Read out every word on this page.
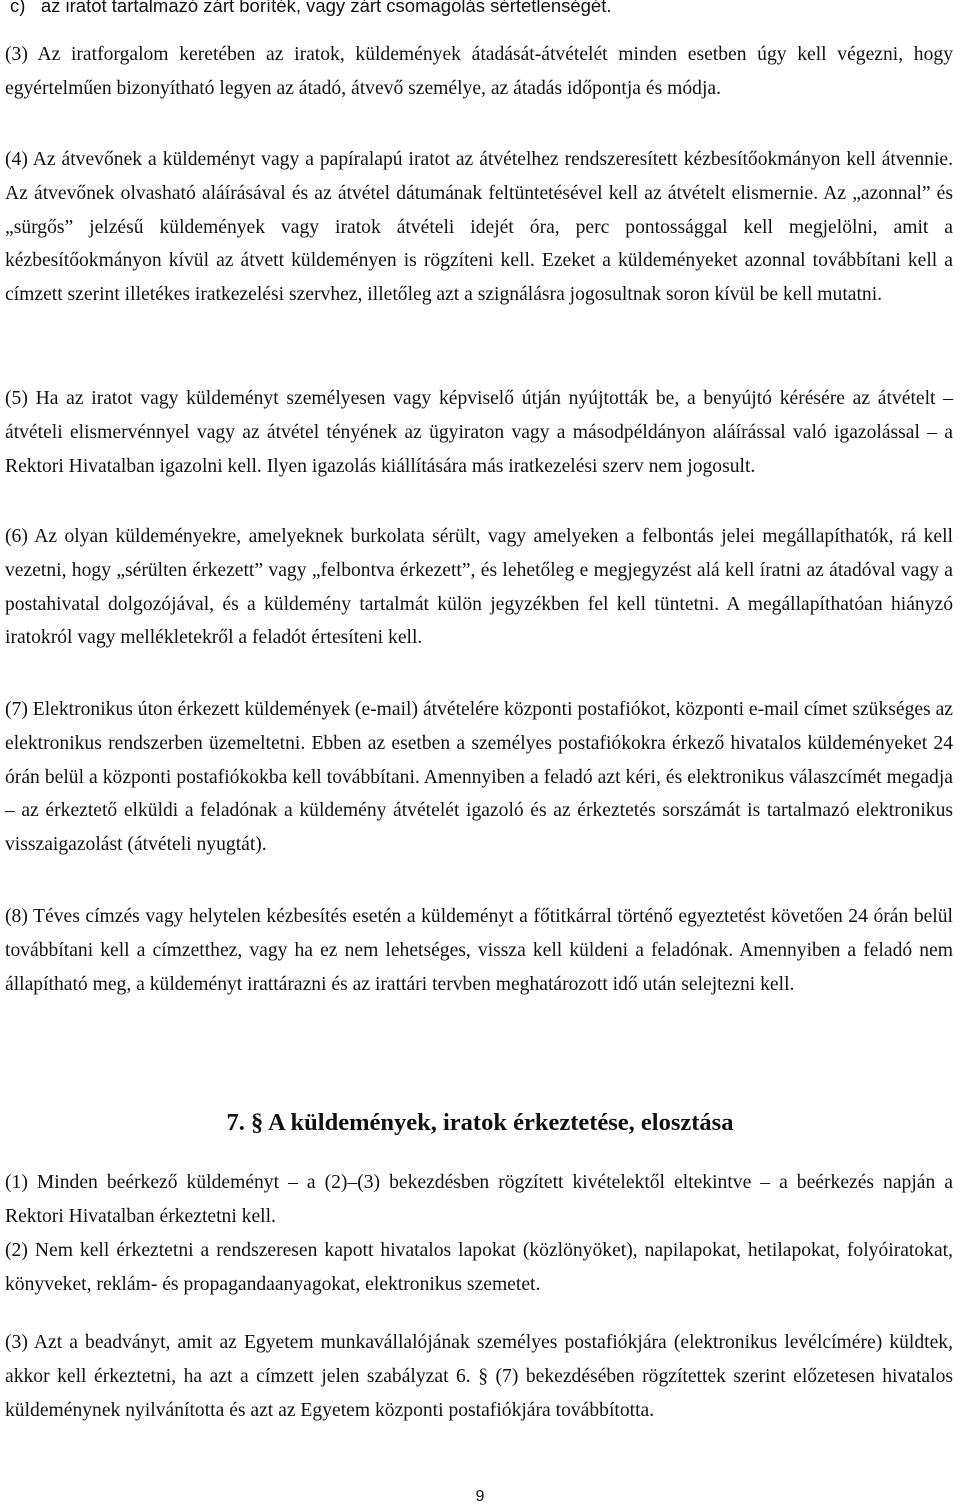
c)   az iratot tartalmazó zárt boríték, vagy zárt csomagolás sértetlenségét.

(3) Az iratforgalom keretében az iratok, küldemények átadását-átvételét minden esetben úgy kell végezni, hogy egyértelműen bizonyítható legyen az átadó, átvevő személye, az átadás időpontja és módja.

(4) Az átvevőnek a küldeményt vagy a papíralapú iratot az átvételhez rendszeresített kézbesítőokmányon kell átvennie. Az átvevőnek olvasható aláírásával és az átvétel dátumának feltüntetésével kell az átvételt elismernie. Az „azonnal” és „sürgős” jelzésű küldemények vagy iratok átvételi idejét óra, perc pontossággal kell megjelölni, amit a kézbesítőokmányon kívül az átvett küldeményen is rögzíteni kell. Ezeket a küldeményeket azonnal továbbítani kell a címzett szerint illetékes iratkezelési szervhez, illetőleg azt a szignálásra jogosultnak soron kívül be kell mutatni.

(5) Ha az iratot vagy küldeményt személyesen vagy képviselő útján nyújtották be, a benyújtó kérésére az átvételt – átvételi elismervénnyel vagy az átvétel tényének az ügyiraton vagy a másodpéldányon aláírással való igazolással – a Rektori Hivatalban igazolni kell. Ilyen igazolás kiállítására más iratkezelési szerv nem jogosult.

(6) Az olyan küldeményekre, amelyeknek burkolata sérült, vagy amelyeken a felbontás jelei megállapíthatók, rá kell vezetni, hogy „sérülten érkezett” vagy „felbontva érkezett”, és lehetőleg e megjegyzést alá kell íratni az átadóval vagy a postahivatal dolgozójával, és a küldemény tartalmát külön jegyzékben fel kell tüntetni. A megállapíthatóan hiányzó iratokról vagy mellékletekről a feladót értesíteni kell.

(7) Elektronikus úton érkezett küldemények (e-mail) átvételére központi postafiókot, központi e-mail címet szükséges az elektronikus rendszerben üzemeltetni. Ebben az esetben a személyes postafiókokra érkező hivatalos küldeményeket 24 órán belül a központi postafiókokba kell továbbítani. Amennyiben a feladó azt kéri, és elektronikus válaszcímét megadja – az érkeztető elküldi a feladónak a küldemény átvételét igazoló és az érkeztetés sorszámát is tartalmazó elektronikus visszaigazolást (átvételi nyugtát).

(8) Téves címzés vagy helytelen kézbesítés esetén a küldeményt a főtitkárral történő egyeztetést követően 24 órán belül továbbítani kell a címzetthez, vagy ha ez nem lehetséges, vissza kell küldeni a feladónak. Amennyiben a feladó nem állapítható meg, a küldeményt irattárazni és az irattári tervben meghatározott idő után selejtezni kell.

7. § A küldemények, iratok érkeztetése, elosztása

(1) Minden beérkező küldeményt – a (2)–(3) bekezdésben rögzített kivételektől eltekintve – a beérkezés napján a Rektori Hivatalban érkeztetni kell.

(2) Nem kell érkeztetni a rendszeresen kapott hivatalos lapokat (közlönyöket), napilapokat, hetilapokat, folyóiratokat, könyveket, reklám- és propagandaanyagokat, elektronikus szemetet.

(3) Azt a beadványt, amit az Egyetem munkavállalójának személyes postafiókjára (elektronikus levélcímére) küldtek, akkor kell érkeztetni, ha azt a címzett jelen szabályzat 6. § (7) bekezdésében rögzítettek szerint előzetesen hivatalos küldeménynek nyilvánította és azt az Egyetem központi postafiókjára továbbította.

9
